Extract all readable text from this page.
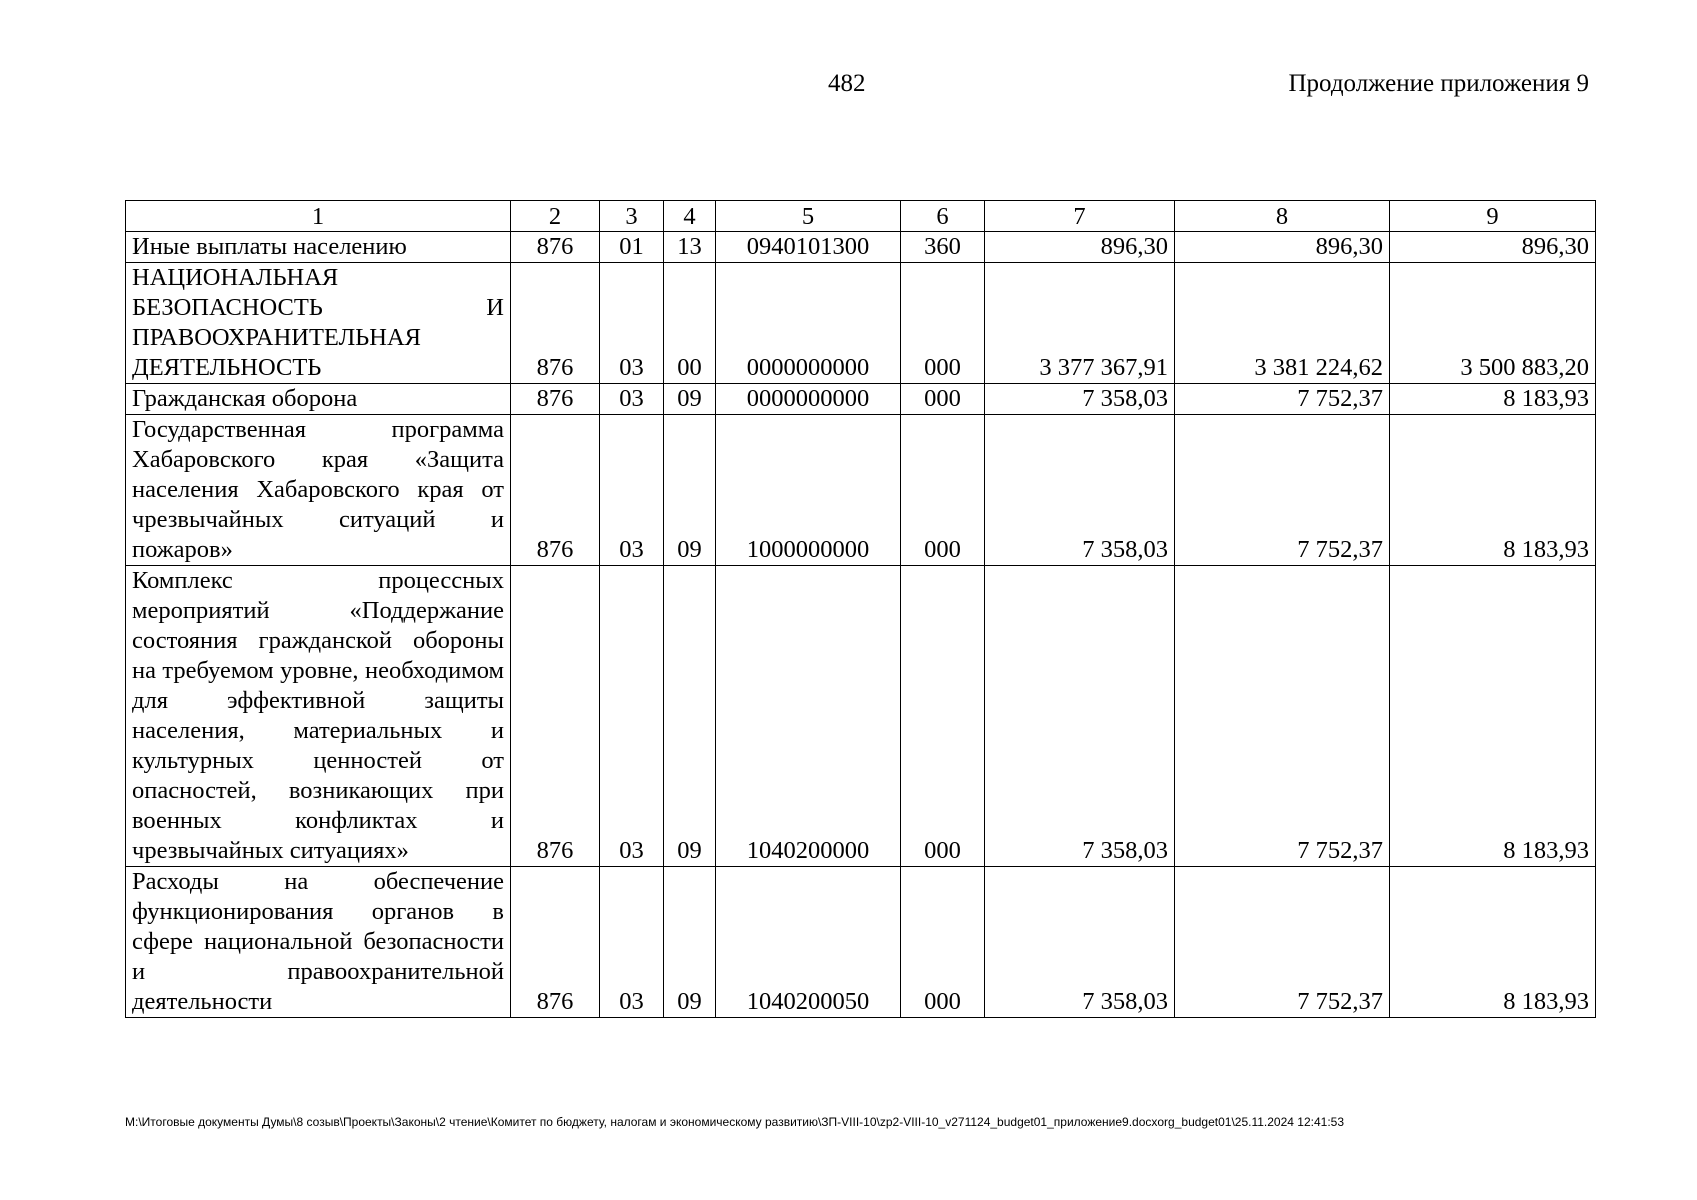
482	Продолжение приложения 9
1	2	3	4	5	6	7	8	9
Иные выплаты населению	876	01	13	0940101300	360	896,30	896,30	896,30
НАЦИОНАЛЬНАЯ БЕЗОПАСНОСТЬ И ПРАВООХРАНИТЕЛЬНАЯ ДЕЯТЕЛЬНОСТЬ	876	03	00	0000000000	000	3 377 367,91	3 381 224,62	3 500 883,20
Гражданская оборона	876	03	09	0000000000	000	7 358,03	7 752,37	8 183,93
Государственная программа Хабаровского края «Защита населения Хабаровского края от чрезвычайных ситуаций и пожаров»	876	03	09	1000000000	000	7 358,03	7 752,37	8 183,93
Комплекс процессных мероприятий «Поддержание состояния гражданской обороны на требуемом уровне, необходимом для эффективной защиты населения, материальных и культурных ценностей от опасностей, возникающих при военных конфликтах и чрезвычайных ситуациях»	876	03	09	1040200000	000	7 358,03	7 752,37	8 183,93
Расходы на обеспечение функционирования органов в сфере национальной безопасности и правоохранительной деятельности	876	03	09	1040200050	000	7 358,03	7 752,37	8 183,93
M:\Итоговые документы Думы\8 созыв\Проекты\Законы\2 чтение\Комитет по бюджету, налогам и экономическому развитию\ЗП-VIII-10\zp2-VIII-10_v271124_budget01_приложение9.docxorg_budget01\25.11.2024 12:41:53
